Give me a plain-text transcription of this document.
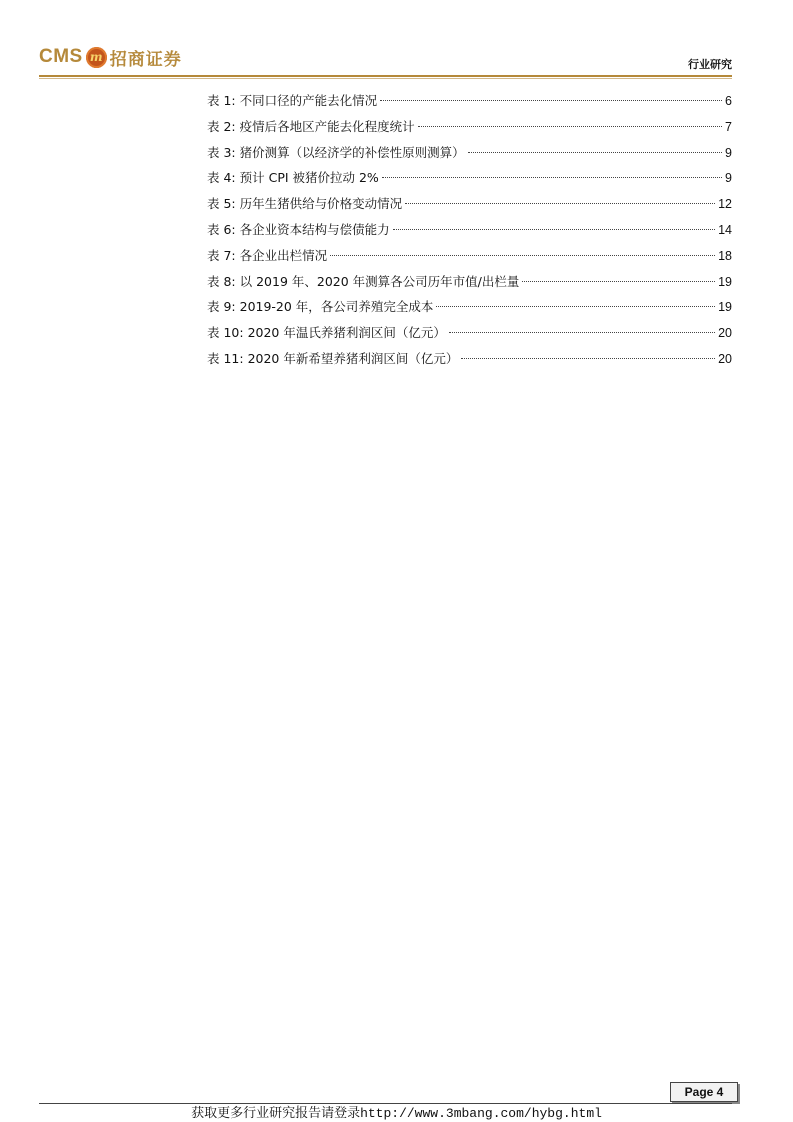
CMS m 招商证券	行业研究
表 1: 不同口径的产能去化情况	6
表 2: 疫情后各地区产能去化程度统计	7
表 3: 猪价测算（以经济学的补偿性原则测算）	9
表 4: 预计 CPI 被猪价拉动 2%	9
表 5: 历年生猪供给与价格变动情况	12
表 6: 各企业资本结构与偿债能力	14
表 7: 各企业出栏情况	18
表 8: 以 2019 年、2020 年测算各公司历年市值/出栏量	19
表 9: 2019-20 年，各公司养殖完全成本	19
表 10: 2020 年温氏养猪利润区间（亿元）	20
表 11: 2020 年新希望养猪利润区间（亿元）	20
Page 4
获取更多行业研究报告请登录http://www.3mbang.com/hybg.html
